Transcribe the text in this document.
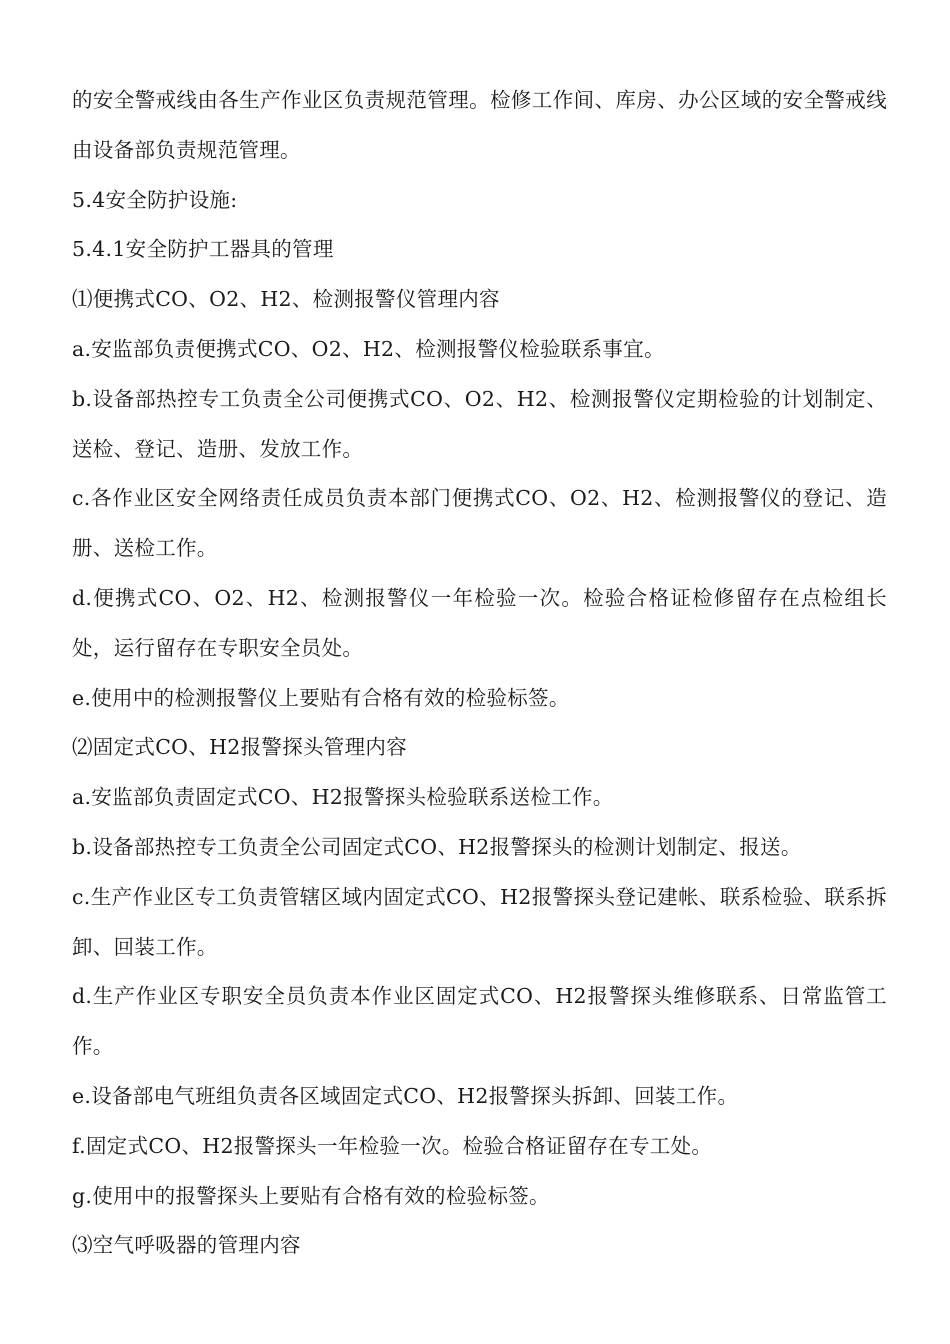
的安全警戒线由各生产作业区负责规范管理。检修工作间、库房、办公区域的安全警戒线由设备部负责规范管理。

5.4安全防护设施:

5.4.1安全防护工器具的管理

⑴便携式CO、O2、H2、检测报警仪管理内容

a.安监部负责便携式CO、O2、H2、检测报警仪检验联系事宜。

b.设备部热控专工负责全公司便携式CO、O2、H2、检测报警仪定期检验的计划制定、送检、登记、造册、发放工作。

c.各作业区安全网络责任成员负责本部门便携式CO、O2、H2、检测报警仪的登记、造册、送检工作。

d.便携式CO、O2、H2、检测报警仪一年检验一次。检验合格证检修留存在点检组长处，运行留存在专职安全员处。

e.使用中的检测报警仪上要贴有合格有效的检验标签。

⑵固定式CO、H2报警探头管理内容

a.安监部负责固定式CO、H2报警探头检验联系送检工作。

b.设备部热控专工负责全公司固定式CO、H2报警探头的检测计划制定、报送。

c.生产作业区专工负责管辖区域内固定式CO、H2报警探头登记建帐、联系检验、联系拆卸、回装工作。

d.生产作业区专职安全员负责本作业区固定式CO、H2报警探头维修联系、日常监管工作。

e.设备部电气班组负责各区域固定式CO、H2报警探头拆卸、回装工作。

f.固定式CO、H2报警探头一年检验一次。检验合格证留存在专工处。

g.使用中的报警探头上要贴有合格有效的检验标签。

⑶空气呼吸器的管理内容
